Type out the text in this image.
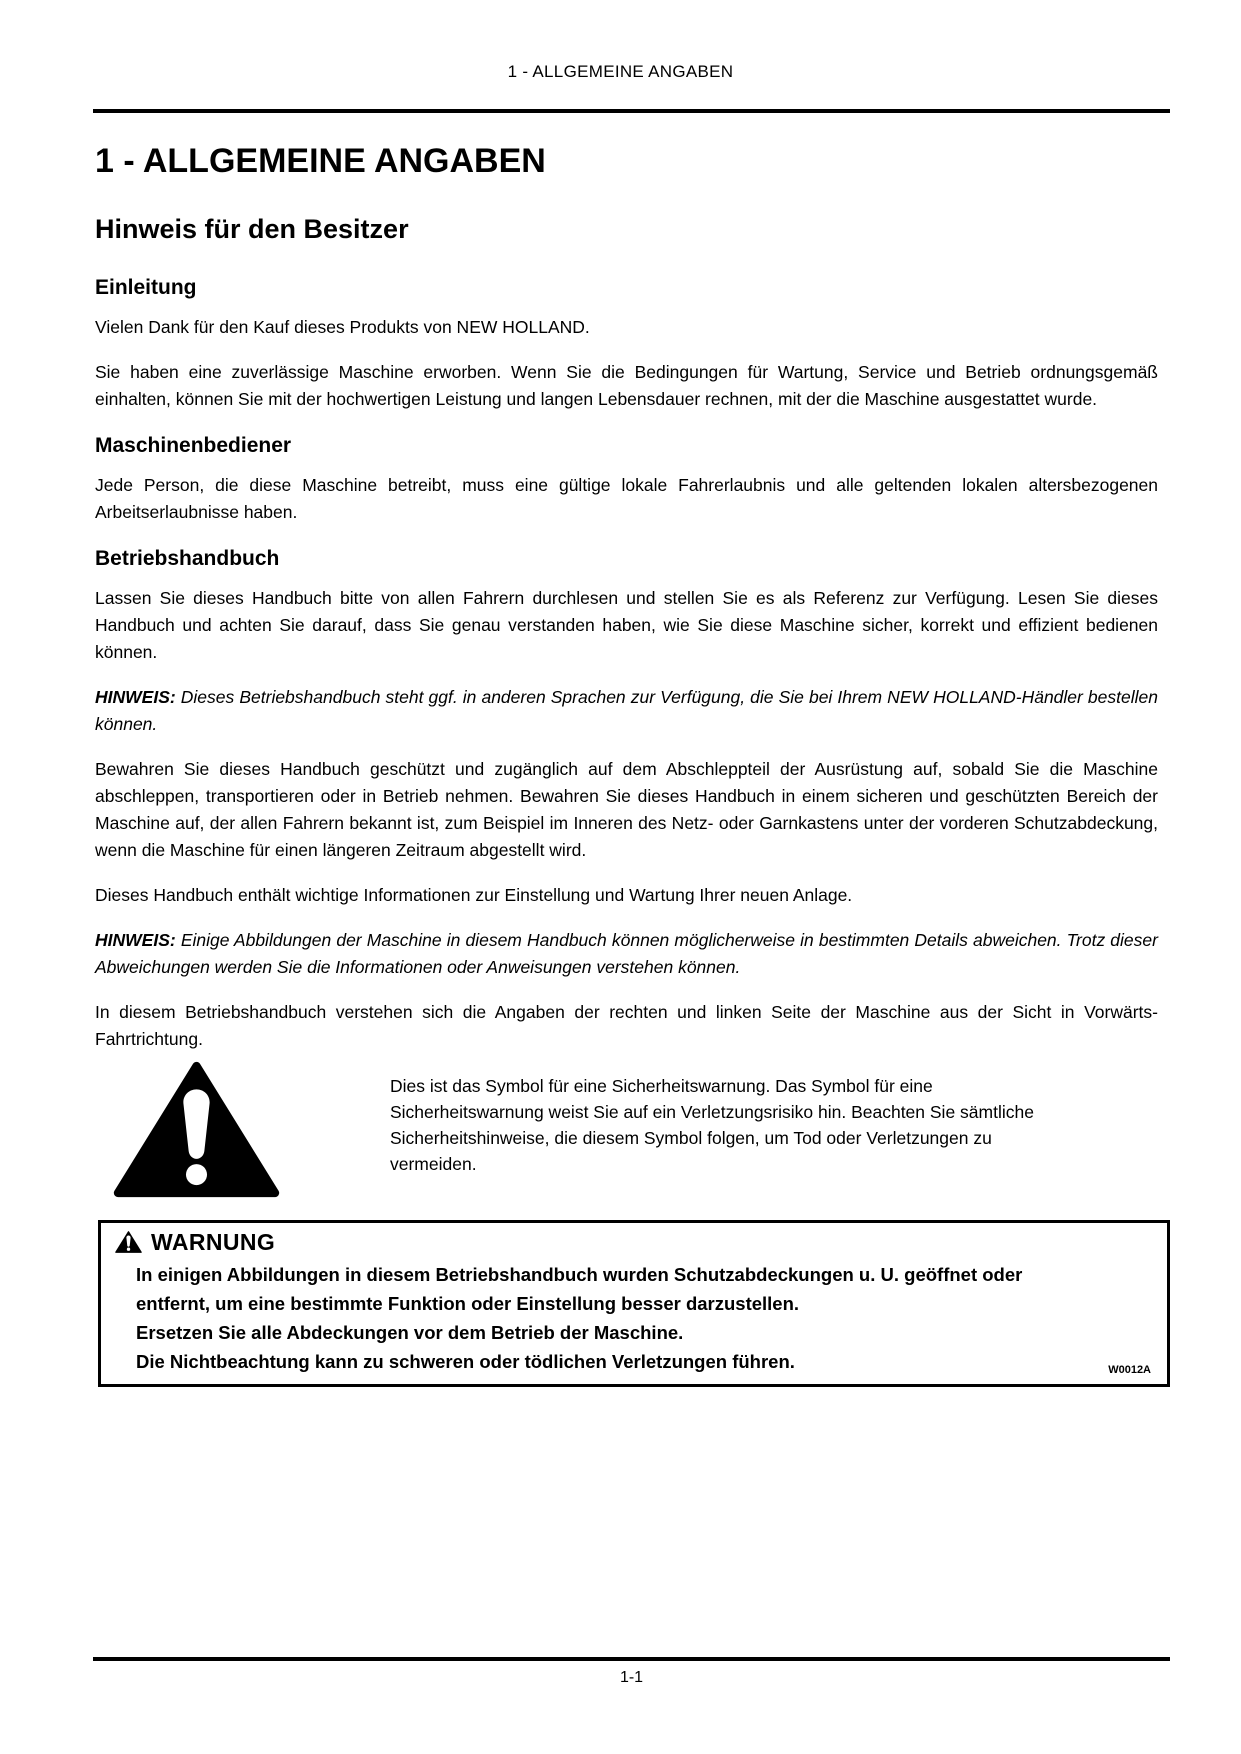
1 - ALLGEMEINE ANGABEN
1 - ALLGEMEINE ANGABEN
Hinweis für den Besitzer
Einleitung

Vielen Dank für den Kauf dieses Produkts von NEW HOLLAND.

Sie haben eine zuverlässige Maschine erworben. Wenn Sie die Bedingungen für Wartung, Service und Betrieb ordnungsgemäß einhalten, können Sie mit der hochwertigen Leistung und langen Lebensdauer rechnen, mit der die Maschine ausgestattet wurde.

Maschinenbediener

Jede Person, die diese Maschine betreibt, muss eine gültige lokale Fahrerlaubnis und alle geltenden lokalen altersbezogenen Arbeitserlaubnisse haben.

Betriebshandbuch

Lassen Sie dieses Handbuch bitte von allen Fahrern durchlesen und stellen Sie es als Referenz zur Verfügung. Lesen Sie dieses Handbuch und achten Sie darauf, dass Sie genau verstanden haben, wie Sie diese Maschine sicher, korrekt und effizient bedienen können.

HINWEIS: Dieses Betriebshandbuch steht ggf. in anderen Sprachen zur Verfügung, die Sie bei Ihrem NEW HOLLAND-Händler bestellen können.

Bewahren Sie dieses Handbuch geschützt und zugänglich auf dem Abschleppteil der Ausrüstung auf, sobald Sie die Maschine abschleppen, transportieren oder in Betrieb nehmen. Bewahren Sie dieses Handbuch in einem sicheren und geschützten Bereich der Maschine auf, der allen Fahrern bekannt ist, zum Beispiel im Inneren des Netz- oder Garnkastens unter der vorderen Schutzabdeckung, wenn die Maschine für einen längeren Zeitraum abgestellt wird.

Dieses Handbuch enthält wichtige Informationen zur Einstellung und Wartung Ihrer neuen Anlage.

HINWEIS: Einige Abbildungen der Maschine in diesem Handbuch können möglicherweise in bestimmten Details abweichen. Trotz dieser Abweichungen werden Sie die Informationen oder Anweisungen verstehen können.

In diesem Betriebshandbuch verstehen sich die Angaben der rechten und linken Seite der Maschine aus der Sicht in Vorwärts-Fahrtrichtung.

Dies ist das Symbol für eine Sicherheitswarnung. Das Symbol für eine Sicherheitswarnung weist Sie auf ein Verletzungsrisiko hin. Beachten Sie sämtliche Sicherheitshinweise, die diesem Symbol folgen, um Tod oder Verletzungen zu vermeiden.

WARNUNG

In einigen Abbildungen in diesem Betriebshandbuch wurden Schutzabdeckungen u. U. geöffnet oder entfernt, um eine bestimmte Funktion oder Einstellung besser darzustellen.

Ersetzen Sie alle Abdeckungen vor dem Betrieb der Maschine.

Die Nichtbeachtung kann zu schweren oder tödlichen Verletzungen führen.	W0012A
1-1
